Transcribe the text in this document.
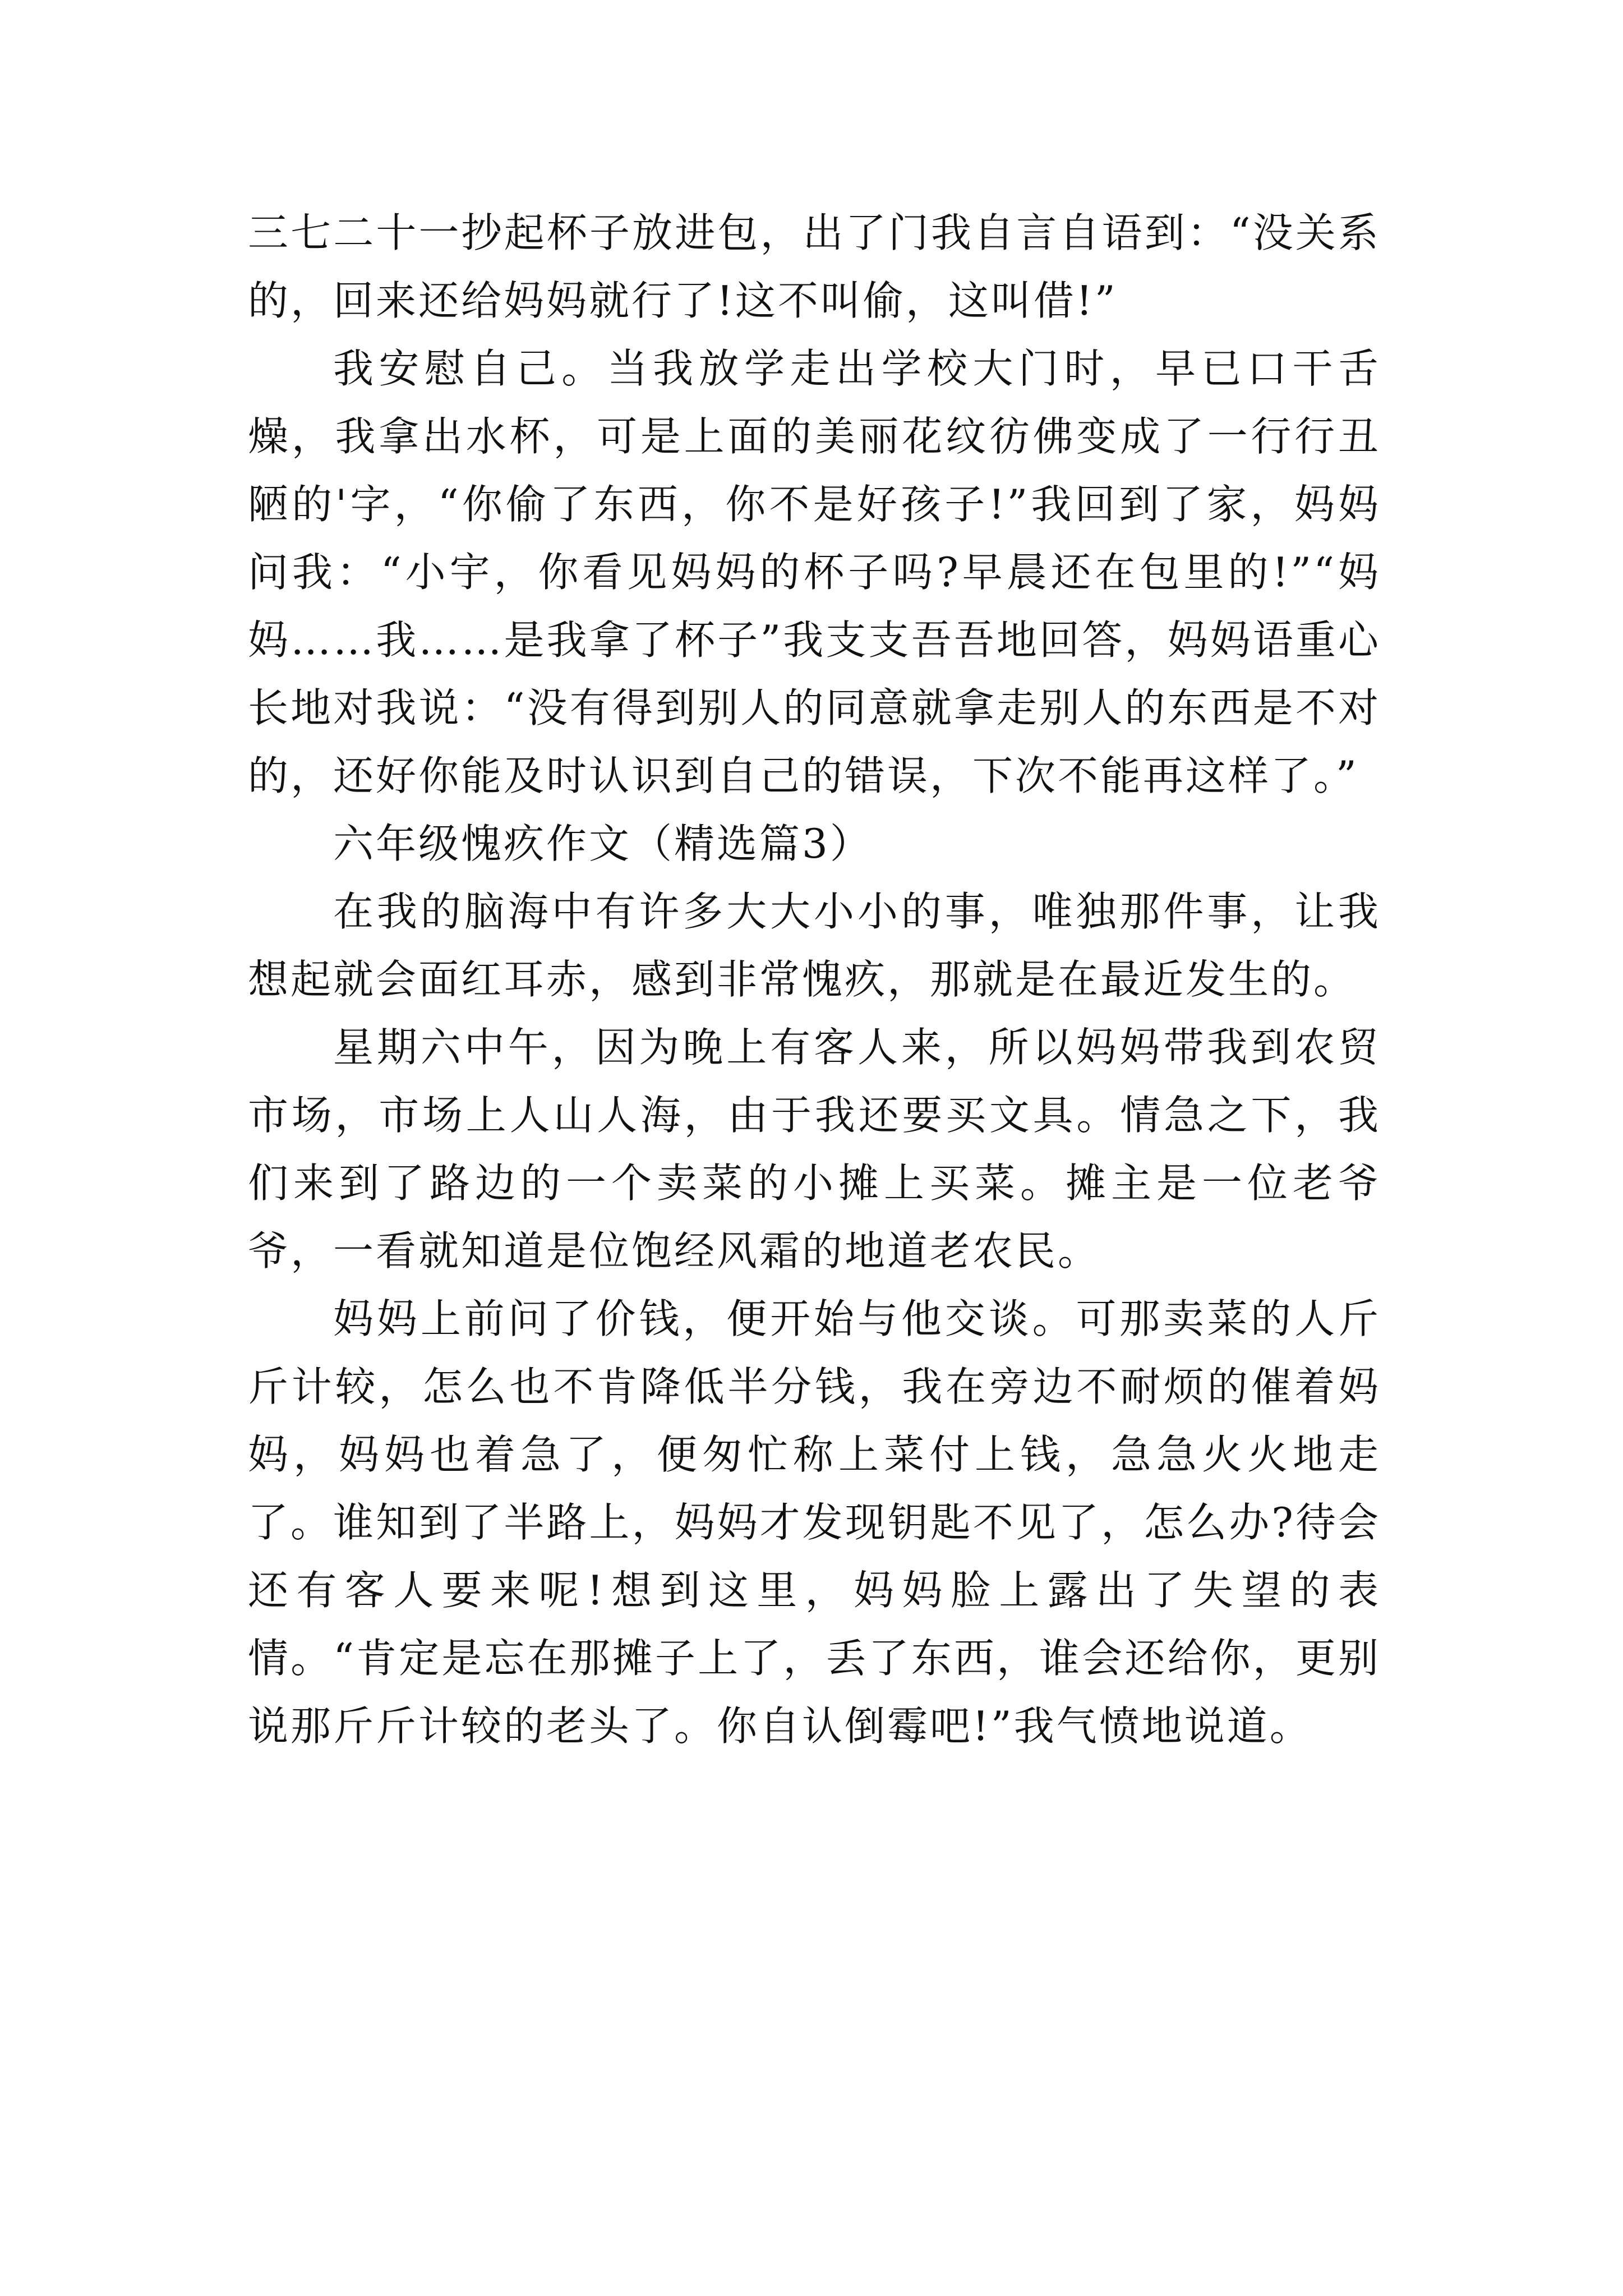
三七二十一抄起杯子放进包，出了门我自言自语到：“没关系的，回来还给妈妈就行了!这不叫偷，这叫借!”

我安慰自己。当我放学走出学校大门时，早已口干舌燥，我拿出水杯，可是上面的美丽花纹彷佛变成了一行行丑陋的'字，“你偷了东西，你不是好孩子!”我回到了家，妈妈问我：“小宇，你看见妈妈的杯子吗?早晨还在包里的!”“妈妈……我……是我拿了杯子”我支支吾吾地回答，妈妈语重心长地对我说：“没有得到别人的同意就拿走别人的东西是不对的，还好你能及时认识到自己的错误，下次不能再这样了。”

六年级愧疚作文（精选篇3）

在我的脑海中有许多大大小小的事，唯独那件事，让我想起就会面红耳赤，感到非常愧疚，那就是在最近发生的。

星期六中午，因为晚上有客人来，所以妈妈带我到农贸市场，市场上人山人海，由于我还要买文具。情急之下，我们来到了路边的一个卖菜的小摊上买菜。摊主是一位老爷爷，一看就知道是位饱经风霜的地道老农民。

妈妈上前问了价钱，便开始与他交谈。可那卖菜的人斤斤计较，怎么也不肯降低半分钱，我在旁边不耐烦的催着妈妈，妈妈也着急了，便匆忙称上菜付上钱，急急火火地走了。谁知到了半路上，妈妈才发现钥匙不见了，怎么办?待会还有客人要来呢!想到这里，妈妈脸上露出了失望的表情。“肯定是忘在那摊子上了，丢了东西，谁会还给你，更别说那斤斤计较的老头了。你自认倒霉吧!”我气愤地说道。
